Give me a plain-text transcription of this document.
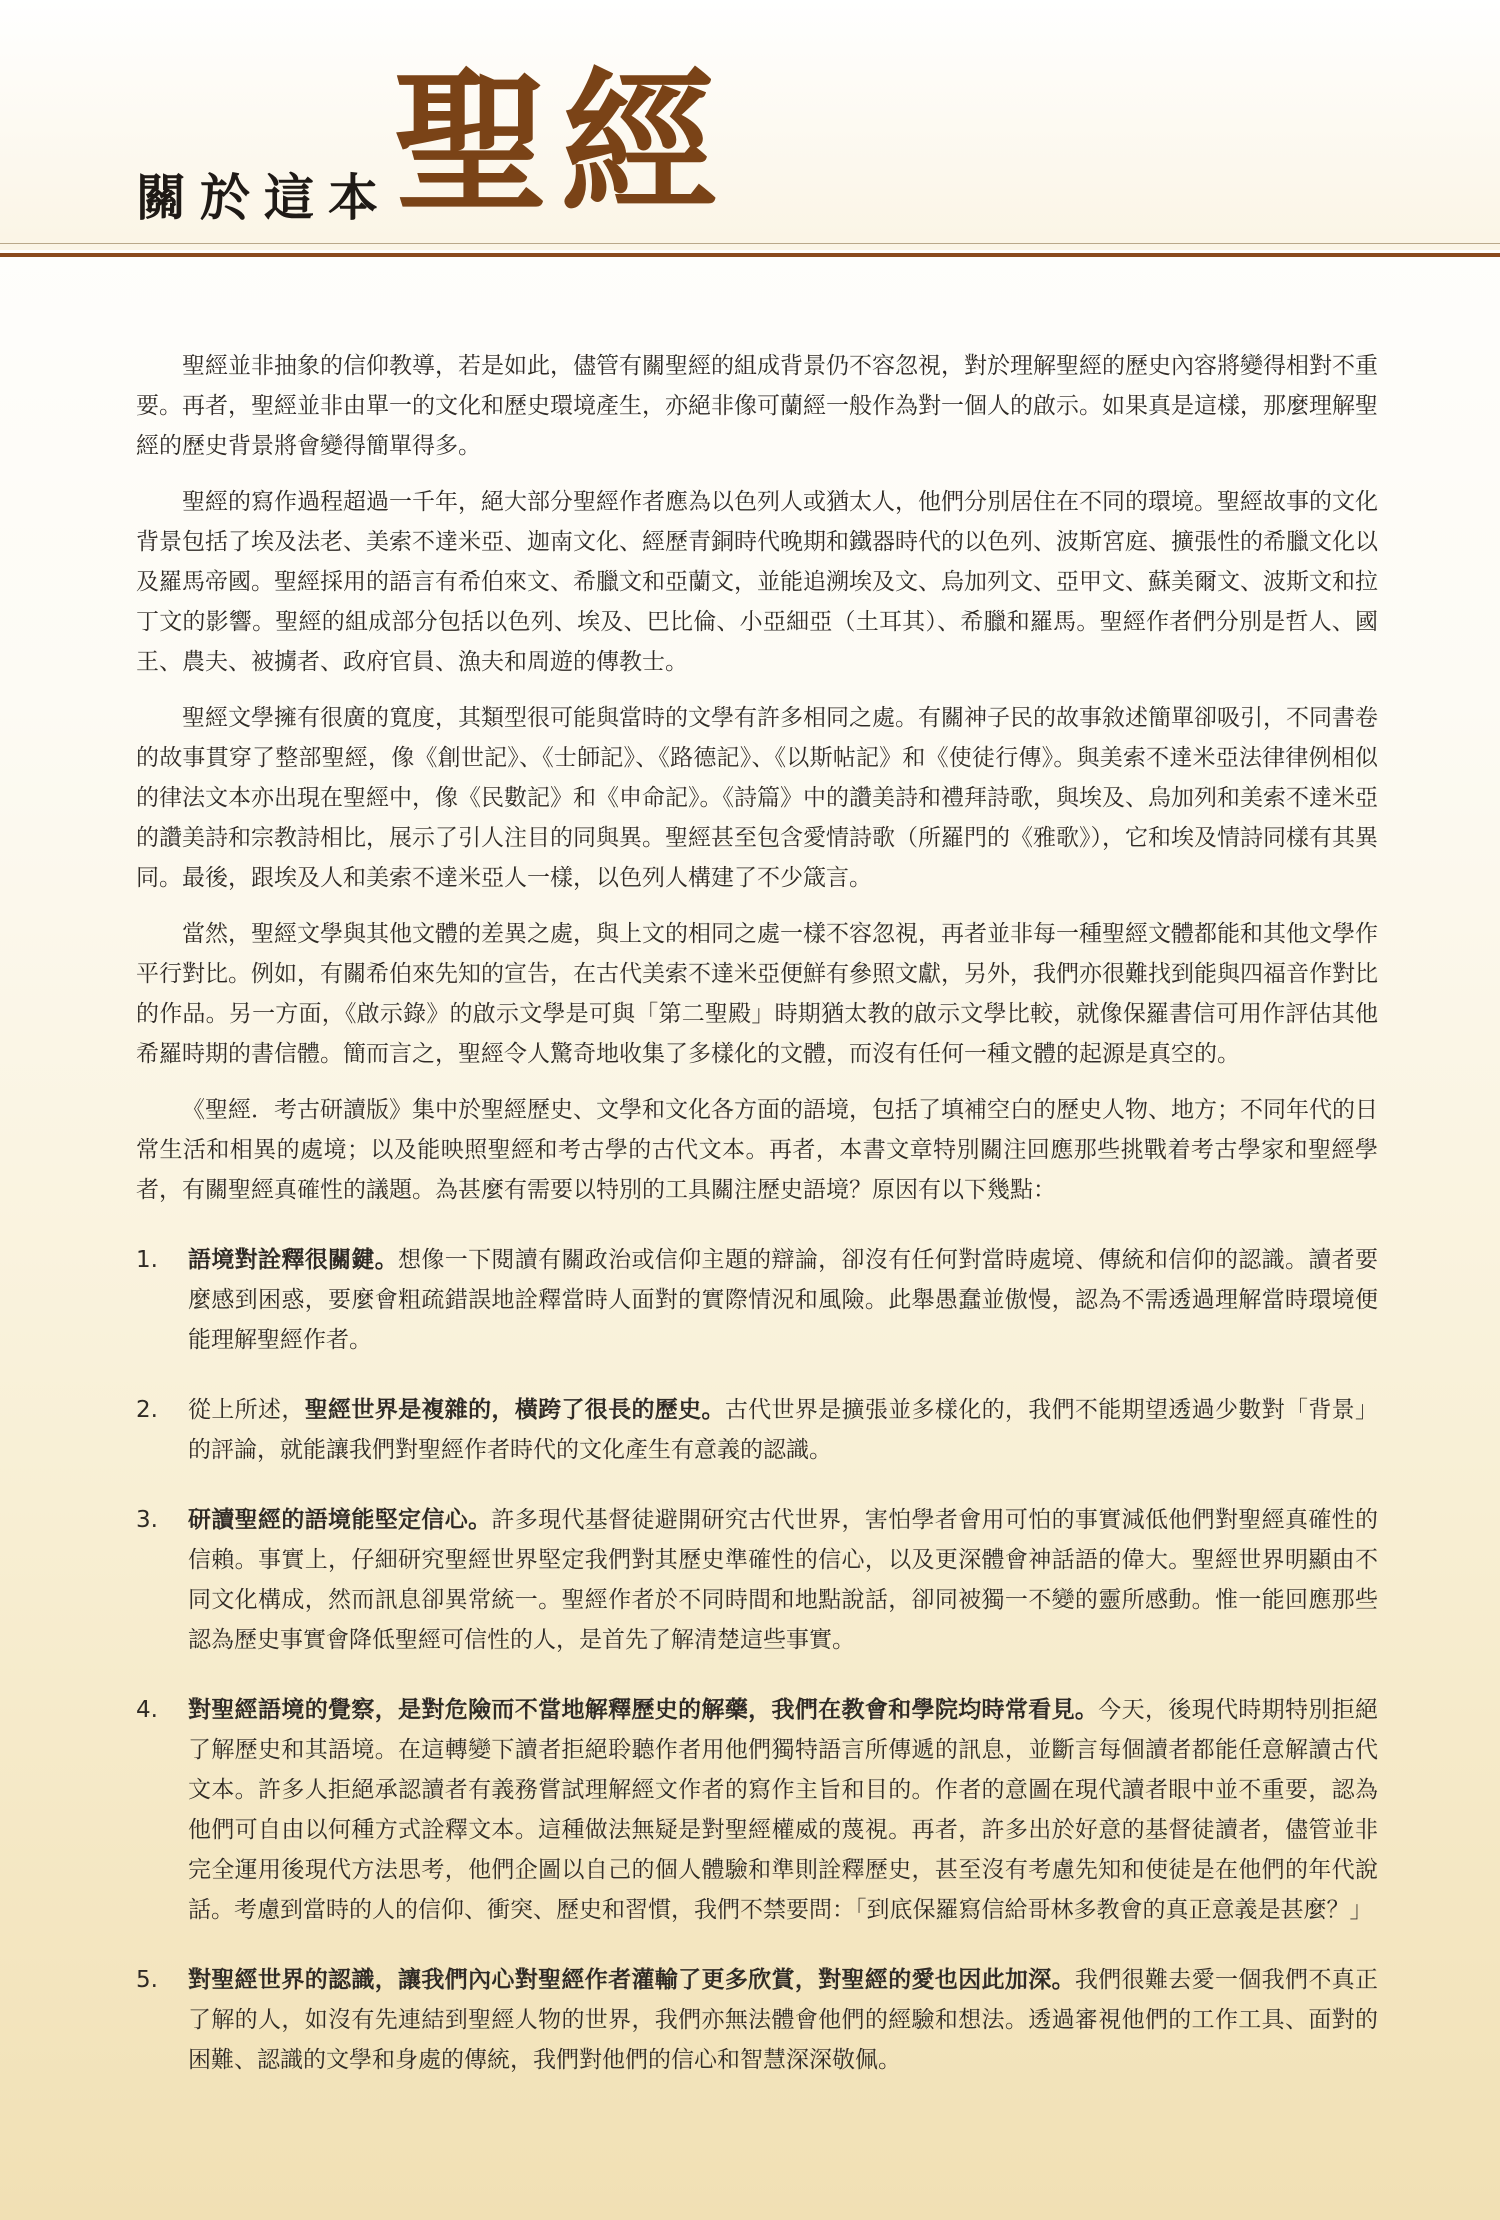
關於這本 聖經

聖經並非抽象的信仰教導，若是如此，儘管有關聖經的組成背景仍不容忽視，對於理解聖經的歷史內容將變得相對不重要。再者，聖經並非由單一的文化和歷史環境產生，亦絕非像可蘭經一般作為對一個人的啟示。如果真是這樣，那麼理解聖經的歷史背景將會變得簡單得多。

聖經的寫作過程超過一千年，絕大部分聖經作者應為以色列人或猶太人，他們分別居住在不同的環境。聖經故事的文化背景包括了埃及法老、美索不達米亞、迦南文化、經歷青銅時代晚期和鐵器時代的以色列、波斯宮庭、擴張性的希臘文化以及羅馬帝國。聖經採用的語言有希伯來文、希臘文和亞蘭文，並能追溯埃及文、烏加列文、亞甲文、蘇美爾文、波斯文和拉丁文的影響。聖經的組成部分包括以色列、埃及、巴比倫、小亞細亞（土耳其）、希臘和羅馬。聖經作者們分別是哲人、國王、農夫、被擄者、政府官員、漁夫和周遊的傳教士。

聖經文學擁有很廣的寬度，其類型很可能與當時的文學有許多相同之處。有關神子民的故事敘述簡單卻吸引，不同書卷的故事貫穿了整部聖經，像《創世記》、《士師記》、《路德記》、《以斯帖記》和《使徒行傳》。與美索不達米亞法律律例相似的律法文本亦出現在聖經中，像《民數記》和《申命記》。《詩篇》中的讚美詩和禮拜詩歌，與埃及、烏加列和美索不達米亞的讚美詩和宗教詩相比，展示了引人注目的同與異。聖經甚至包含愛情詩歌（所羅門的《雅歌》），它和埃及情詩同樣有其異同。最後，跟埃及人和美索不達米亞人一樣，以色列人構建了不少箴言。

當然，聖經文學與其他文體的差異之處，與上文的相同之處一樣不容忽視，再者並非每一種聖經文體都能和其他文學作平行對比。例如，有關希伯來先知的宣告，在古代美索不達米亞便鮮有參照文獻，另外，我們亦很難找到能與四福音作對比的作品。另一方面，《啟示錄》的啟示文學是可與「第二聖殿」時期猶太教的啟示文學比較，就像保羅書信可用作評估其他希羅時期的書信體。簡而言之，聖經令人驚奇地收集了多樣化的文體，而沒有任何一種文體的起源是真空的。

《聖經．考古研讀版》集中於聖經歷史、文學和文化各方面的語境，包括了填補空白的歷史人物、地方；不同年代的日常生活和相異的處境；以及能映照聖經和考古學的古代文本。再者，本書文章特別關注回應那些挑戰着考古學家和聖經學者，有關聖經真確性的議題。為甚麼有需要以特別的工具關注歷史語境？原因有以下幾點：

1. 語境對詮釋很關鍵。想像一下閱讀有關政治或信仰主題的辯論，卻沒有任何對當時處境、傳統和信仰的認識。讀者要麼感到困惑，要麼會粗疏錯誤地詮釋當時人面對的實際情況和風險。此舉愚蠢並傲慢，認為不需透過理解當時環境便能理解聖經作者。
2. 從上所述，聖經世界是複雜的，橫跨了很長的歷史。古代世界是擴張並多樣化的，我們不能期望透過少數對「背景」的評論，就能讓我們對聖經作者時代的文化產生有意義的認識。
3. 研讀聖經的語境能堅定信心。許多現代基督徒避開研究古代世界，害怕學者會用可怕的事實減低他們對聖經真確性的信賴。事實上，仔細研究聖經世界堅定我們對其歷史準確性的信心，以及更深體會神話語的偉大。聖經世界明顯由不同文化構成，然而訊息卻異常統一。聖經作者於不同時間和地點說話，卻同被獨一不變的靈所感動。惟一能回應那些認為歷史事實會降低聖經可信性的人，是首先了解清楚這些事實。
4. 對聖經語境的覺察，是對危險而不當地解釋歷史的解藥，我們在教會和學院均時常看見。今天，後現代時期特別拒絕了解歷史和其語境。在這轉變下讀者拒絕聆聽作者用他們獨特語言所傳遞的訊息，並斷言每個讀者都能任意解讀古代文本。許多人拒絕承認讀者有義務嘗試理解經文作者的寫作主旨和目的。作者的意圖在現代讀者眼中並不重要，認為他們可自由以何種方式詮釋文本。這種做法無疑是對聖經權威的蔑視。再者，許多出於好意的基督徒讀者，儘管並非完全運用後現代方法思考，他們企圖以自己的個人體驗和準則詮釋歷史，甚至沒有考慮先知和使徒是在他們的年代說話。考慮到當時的人的信仰、衝突、歷史和習慣，我們不禁要問：「到底保羅寫信給哥林多教會的真正意義是甚麼？」
5. 對聖經世界的認識，讓我們內心對聖經作者灌輸了更多欣賞，對聖經的愛也因此加深。我們很難去愛一個我們不真正了解的人，如沒有先連結到聖經人物的世界，我們亦無法體會他們的經驗和想法。透過審視他們的工作工具、面對的困難、認識的文學和身處的傳統，我們對他們的信心和智慧深深敬佩。
